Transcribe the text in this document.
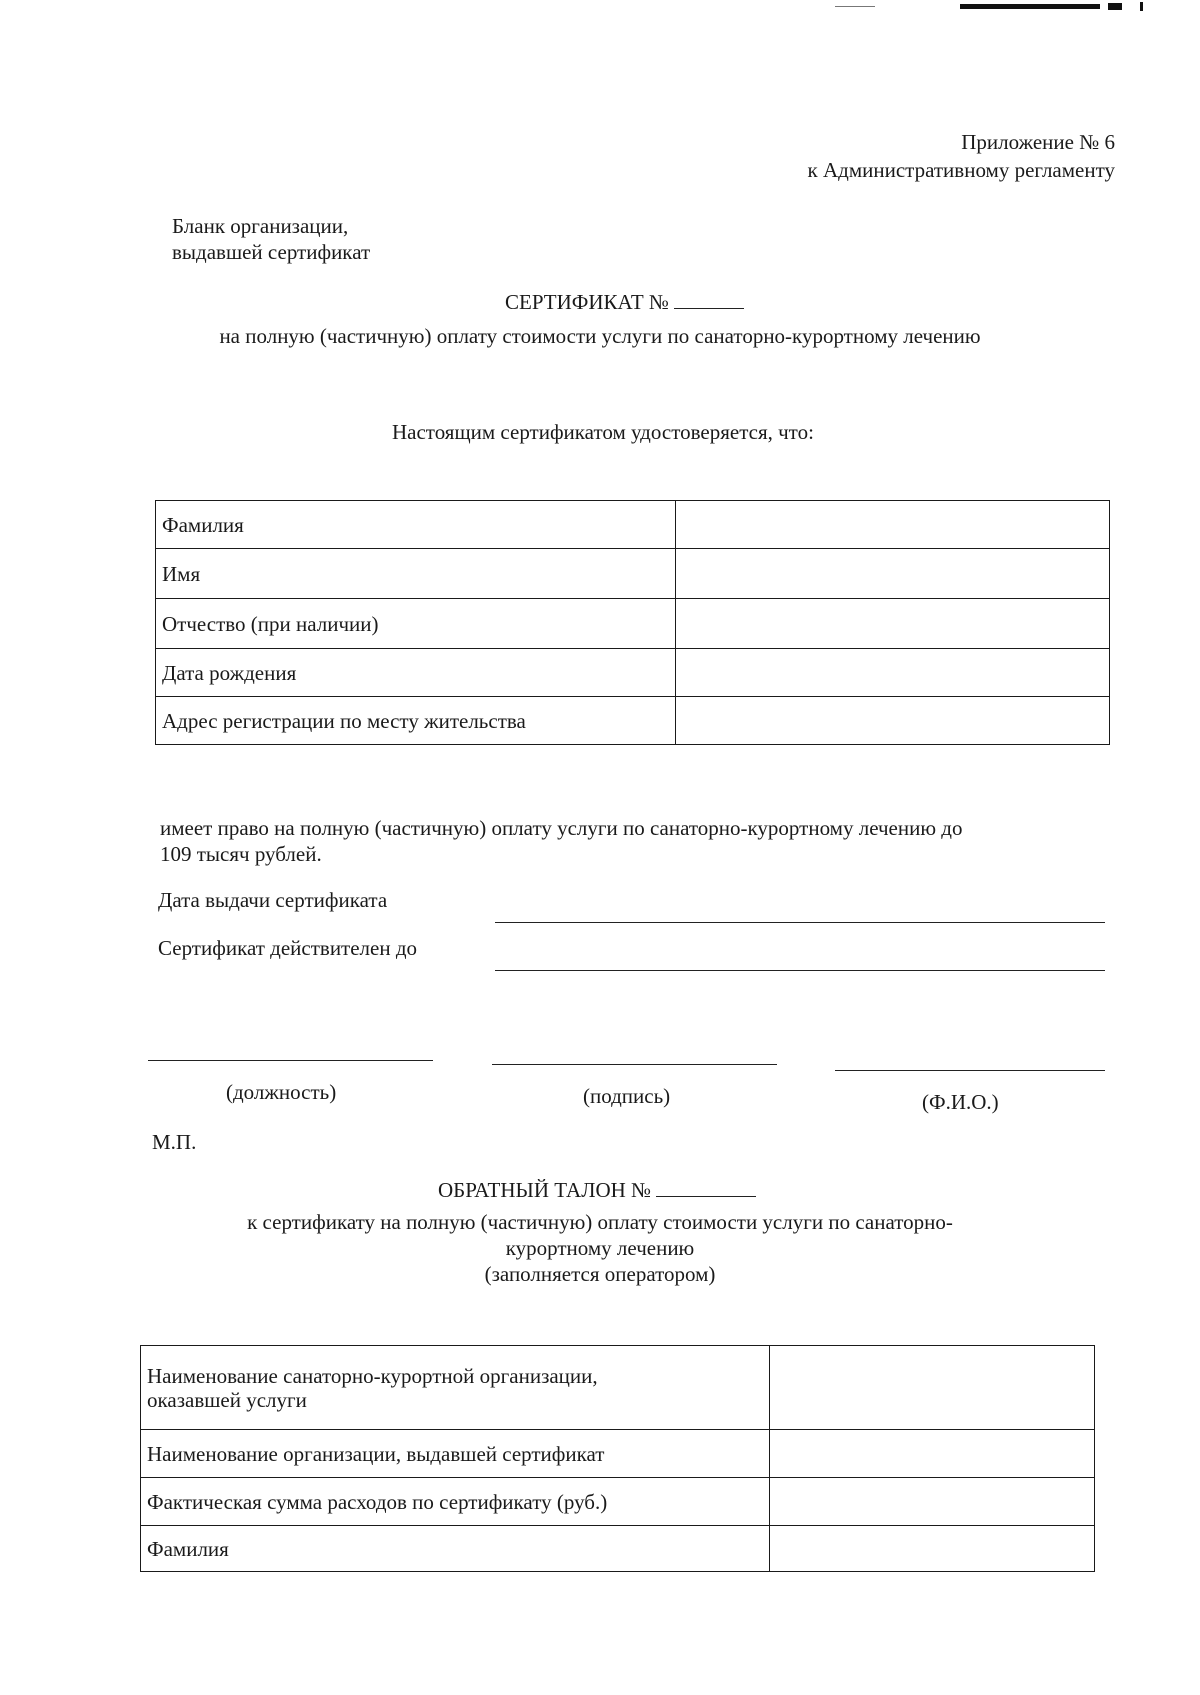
Приложение № 6
к Административному регламенту
Бланк организации,
выдавшей сертификат
СЕРТИФИКАТ №
на полную (частичную) оплату стоимости услуги по санаторно-курортному лечению
Настоящим сертификатом удостоверяется, что:
Фамилия	
Имя	
Отчество (при наличии)	
Дата рождения	
Адрес регистрации по месту жительства	
имеет право на полную (частичную) оплату услуги по санаторно-курортному лечению до
109 тысяч рублей.
Дата выдачи сертификата
Сертификат действителен до
(должность)	(подпись)	(Ф.И.О.)
М.П.
ОБРАТНЫЙ ТАЛОН №
к сертификату на полную (частичную) оплату стоимости услуги по санаторно-
курортному лечению
(заполняется оператором)
Наименование санаторно-курортной организации,
оказавшей услуги	

Наименование организации, выдавшей сертификат	
Фактическая сумма расходов по сертификату (руб.)	
Фамилия	
